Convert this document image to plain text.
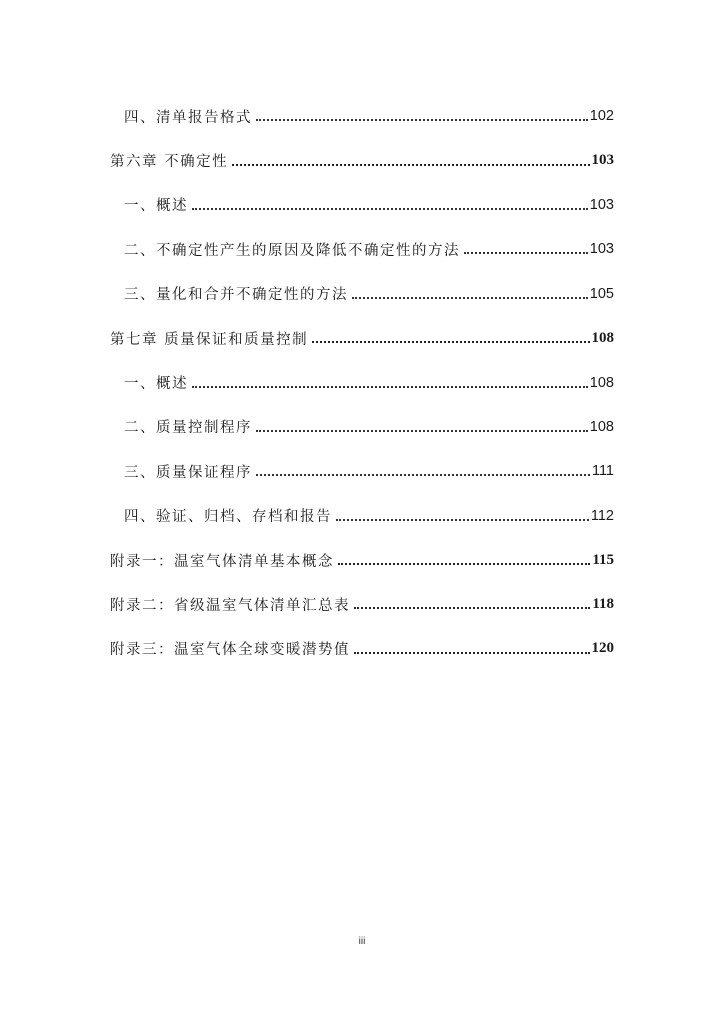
四、清单报告格式	102
第六章 不确定性	103
一、概述	103
二、不确定性产生的原因及降低不确定性的方法	103
三、量化和合并不确定性的方法	105
第七章 质量保证和质量控制	108
一、概述	108
二、质量控制程序	108
三、质量保证程序	111
四、验证、归档、存档和报告	112
附录一：温室气体清单基本概念	115
附录二：省级温室气体清单汇总表	118
附录三：温室气体全球变暖潜势值	120
iii
